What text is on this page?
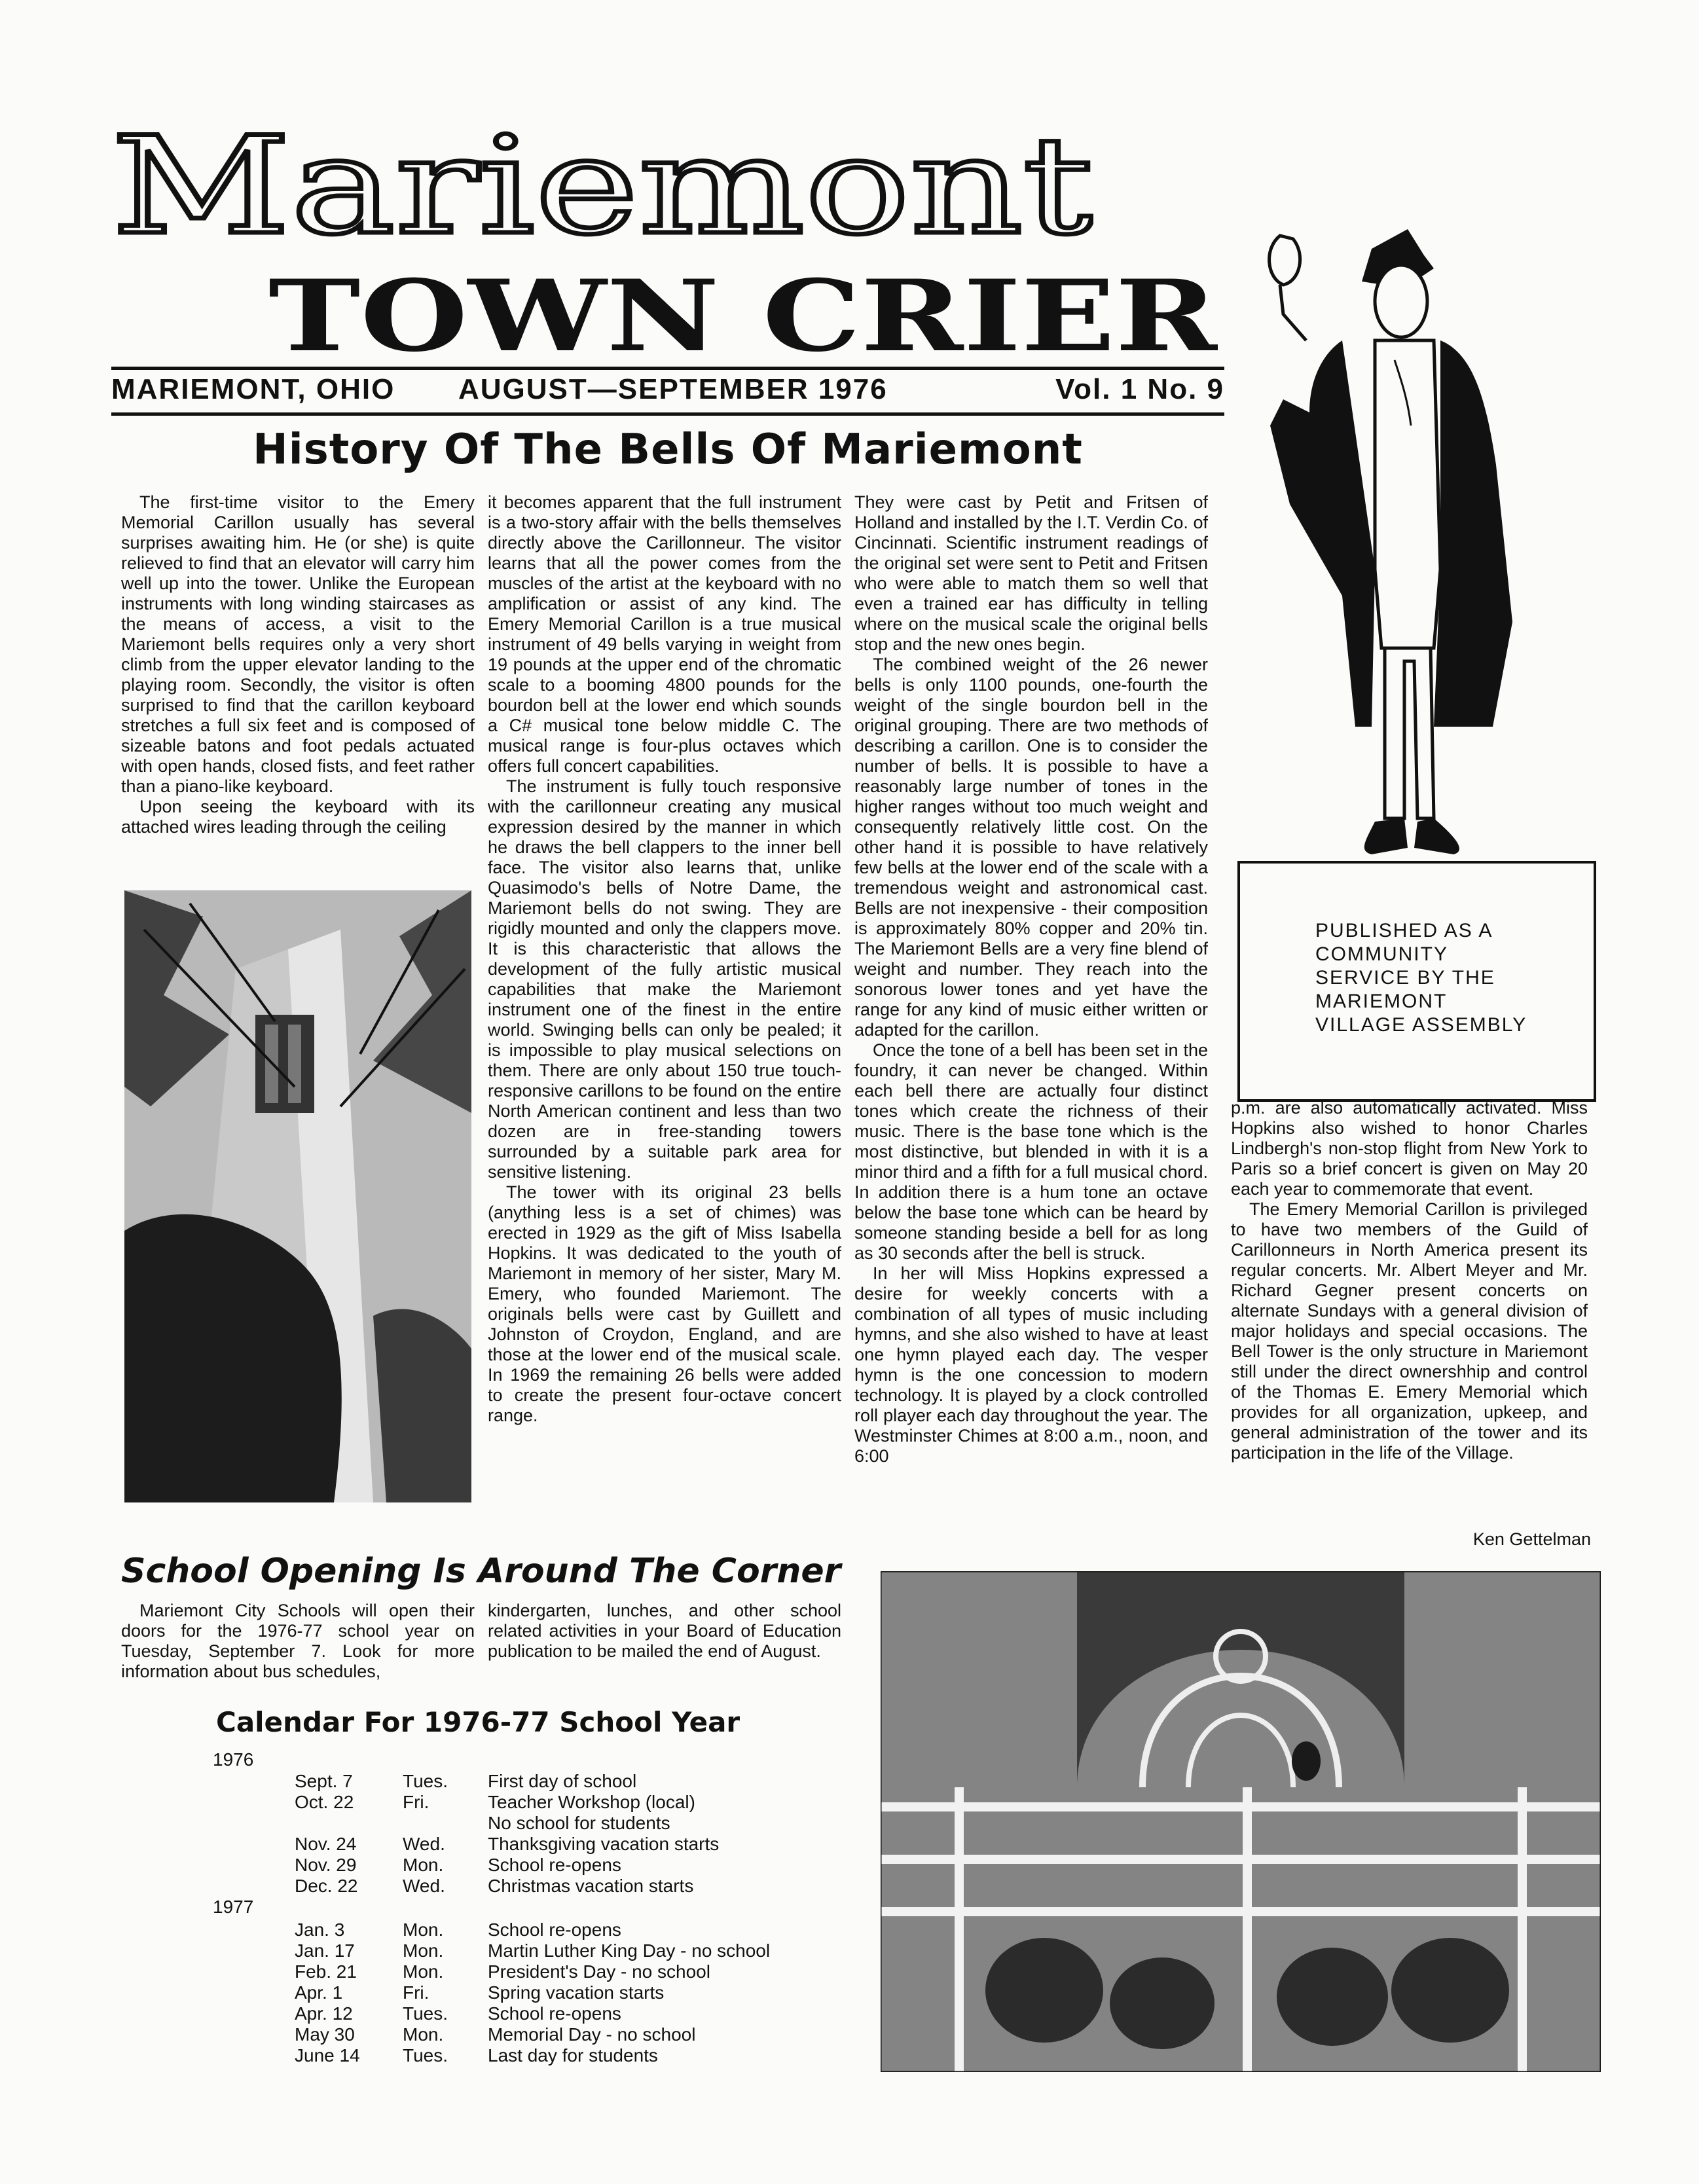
Mariemont
TOWN CRIER
MARIEMONT, OHIO AUGUST—SEPTEMBER 1976	Vol. 1 No. 9
History Of The Bells Of Mariemont

The first-time visitor to the Emery Memorial Carillon usually has several surprises awaiting him. He (or she) is quite relieved to find that an elevator will carry him well up into the tower. Unlike the European instruments with long winding staircases as the means of access, a visit to the Mariemont bells requires only a very short climb from the upper elevator landing to the playing room. Secondly, the visitor is often surprised to find that the carillon keyboard stretches a full six feet and is composed of sizeable batons and foot pedals actuated with open hands, closed fists, and feet rather than a piano-like keyboard.

Upon seeing the keyboard with its attached wires leading through the ceiling

it becomes apparent that the full instrument is a two-story affair with the bells themselves directly above the Carillonneur. The visitor learns that all the power comes from the muscles of the artist at the keyboard with no amplification or assist of any kind. The Emery Memorial Carillon is a true musical instrument of 49 bells varying in weight from 19 pounds at the upper end of the chromatic scale to a booming 4800 pounds for the bourdon bell at the lower end which sounds a C# musical tone below middle C. The musical range is four-plus octaves which offers full concert capabilities.

The instrument is fully touch responsive with the carillonneur creating any musical expression desired by the manner in which he draws the bell clappers to the inner bell face. The visitor also learns that, unlike Quasimodo's bells of Notre Dame, the Mariemont bells do not swing. They are rigidly mounted and only the clappers move. It is this characteristic that allows the development of the fully artistic musical capabilities that make the Mariemont instrument one of the finest in the entire world. Swinging bells can only be pealed; it is impossible to play musical selections on them. There are only about 150 true touch-responsive carillons to be found on the entire North American continent and less than two dozen are in free-standing towers surrounded by a suitable park area for sensitive listening.

The tower with its original 23 bells (anything less is a set of chimes) was erected in 1929 as the gift of Miss Isabella Hopkins. It was dedicated to the youth of Mariemont in memory of her sister, Mary M. Emery, who founded Mariemont. The originals bells were cast by Guillett and Johnston of Croydon, England, and are those at the lower end of the musical scale. In 1969 the remaining 26 bells were added to create the present four-octave concert range.

They were cast by Petit and Fritsen of Holland and installed by the I.T. Verdin Co. of Cincinnati. Scientific instrument readings of the original set were sent to Petit and Fritsen who were able to match them so well that even a trained ear has difficulty in telling where on the musical scale the original bells stop and the new ones begin.

The combined weight of the 26 newer bells is only 1100 pounds, one-fourth the weight of the single bourdon bell in the original grouping. There are two methods of describing a carillon. One is to consider the number of bells. It is possible to have a reasonably large number of tones in the higher ranges without too much weight and consequently relatively little cost. On the other hand it is possible to have relatively few bells at the lower end of the scale with a tremendous weight and astronomical cast. Bells are not inexpensive - their composition is approximately 80% copper and 20% tin. The Mariemont Bells are a very fine blend of weight and number. They reach into the sonorous lower tones and yet have the range for any kind of music either written or adapted for the carillon.

Once the tone of a bell has been set in the foundry, it can never be changed. Within each bell there are actually four distinct tones which create the richness of their music. There is the base tone which is the most distinctive, but blended in with it is a minor third and a fifth for a full musical chord. In addition there is a hum tone an octave below the base tone which can be heard by someone standing beside a bell for as long as 30 seconds after the bell is struck.

In her will Miss Hopkins expressed a desire for weekly concerts with a combination of all types of music including hymns, and she also wished to have at least one hymn played each day. The vesper hymn is the one concession to modern technology. It is played by a clock controlled roll player each day throughout the year. The Westminster Chimes at 8:00 a.m., noon, and 6:00

PUBLISHED AS A
COMMUNITY
SERVICE BY THE
MARIEMONT
VILLAGE ASSEMBLY

p.m. are also automatically activated. Miss Hopkins also wished to honor Charles Lindbergh's non-stop flight from New York to Paris so a brief concert is given on May 20 each year to commemorate that event.

The Emery Memorial Carillon is privileged to have two members of the Guild of Carillonneurs in North America present its regular concerts. Mr. Albert Meyer and Mr. Richard Gegner present concerts on alternate Sundays with a general division of major holidays and special occasions. The Bell Tower is the only structure in Mariemont still under the direct ownershhip and control of the Thomas E. Emery Memorial which provides for all organization, upkeep, and general administration of the tower and its participation in the life of the Village.

Ken Gettelman
School Opening Is Around The Corner

Mariemont City Schools will open their doors for the 1976-77 school year on Tuesday, September 7. Look for more information about bus schedules,

kindergarten, lunches, and other school related activities in your Board of Education publication to be mailed the end of August.

Calendar For 1976-77 School Year
1976
Sept. 7	Tues. First day of school
Oct. 22	Fri.	Teacher Workshop (local)
No school for students
Nov. 24	Wed. Thanksgiving vacation starts
Nov. 29	Mon. School re-opens
Dec. 22 Wed. Christmas vacation starts
1977
Jan. 3	Mon. School re-opens
Jan. 17	Mon. Martin Luther King Day - no school
Feb. 21	Mon. President's Day - no school
Apr. 1	Fri.	Spring vacation starts
Apr. 12	Tues. School re-opens
May 30	Mon. Memorial Day - no school
June 14 Tues. Last day for students
